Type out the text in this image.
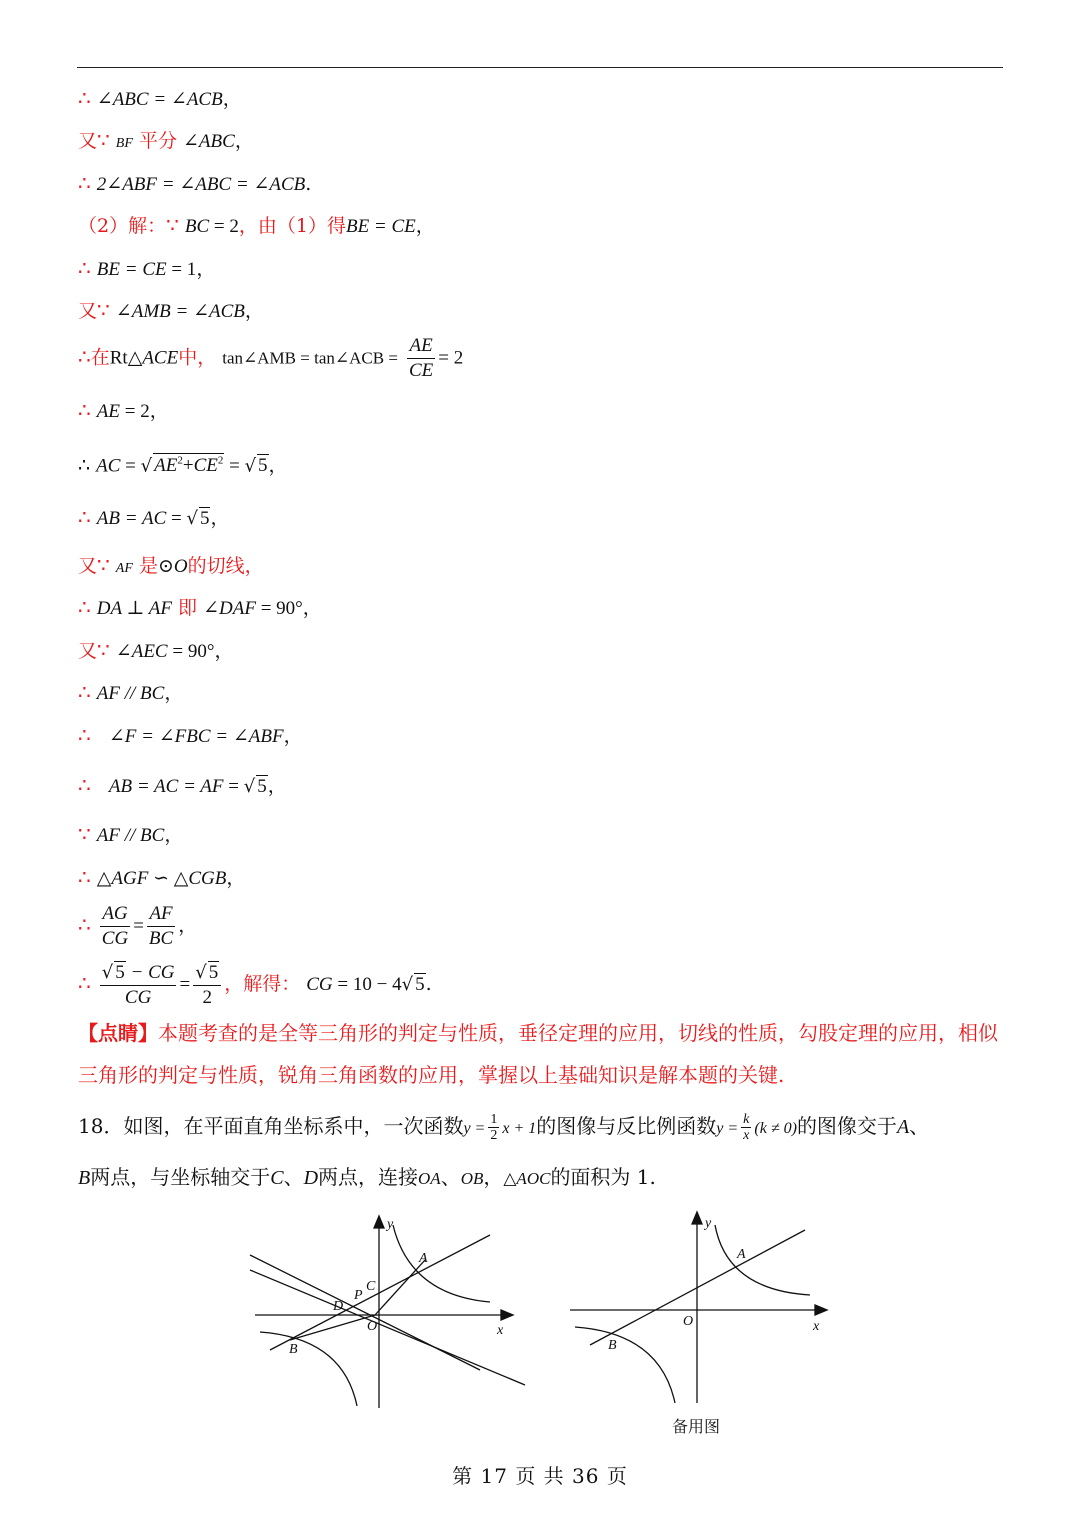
∴ ∠ABC = ∠ACB，
又∵ BF 平分 ∠ABC，
∴ 2∠ABF = ∠ABC = ∠ACB.
（2）解：∵ BC = 2，由（1）得BE = CE，
∴ BE = CE = 1，
又∵ ∠AMB = ∠ACB，
∴在Rt△ACE中， tan∠AMB = tan∠ACB = $\frac{AE}{CE} = 2$
∴ AE = 2，
∴ AC = √ $AE^2+CE^2$ = √ 5，
∴ AB = AC = √ 5，
又∵ AF 是⊙O的切线，
∴ DA ⊥ AF 即 ∠DAF = 90°，
又∵ ∠AEC = 90°，
∴ AF // BC，
∴ ∠F = ∠FBC = ∠ABF，
∴ AB = AC = AF = √ 5，
∵ AF // BC，
∴ △AGF ∽ △CGB，
∴ $\frac{AG}{CG} = \frac{AF}{BC}$ ，
∴ $\frac{√ 5 - CG}{CG} = \frac{√ 5}{2}$ ，解得： CG = 10 − 4√ 5.
【点睛】本题考查的是全等三角形的判定与性质，垂径定理的应用，切线的性质，勾股定理的应用，相似三角形的判定与性质，锐角三角函数的应用，掌握以上基础知识是解本题的关键.
18．如图，在平面直角坐标系中，一次函数$y = \frac{1}{2}$ x + 1的图像与反比例函数$y = \frac{k}{x} (k \ne 0)$的图像交于A、
B两点，与坐标轴交于C、D两点，连接OA、OB，△AOC的面积为 1.
y
x
A
B
C
D
P
O
y
x
A
B
O
备用图
第 17 页 共 36 页
